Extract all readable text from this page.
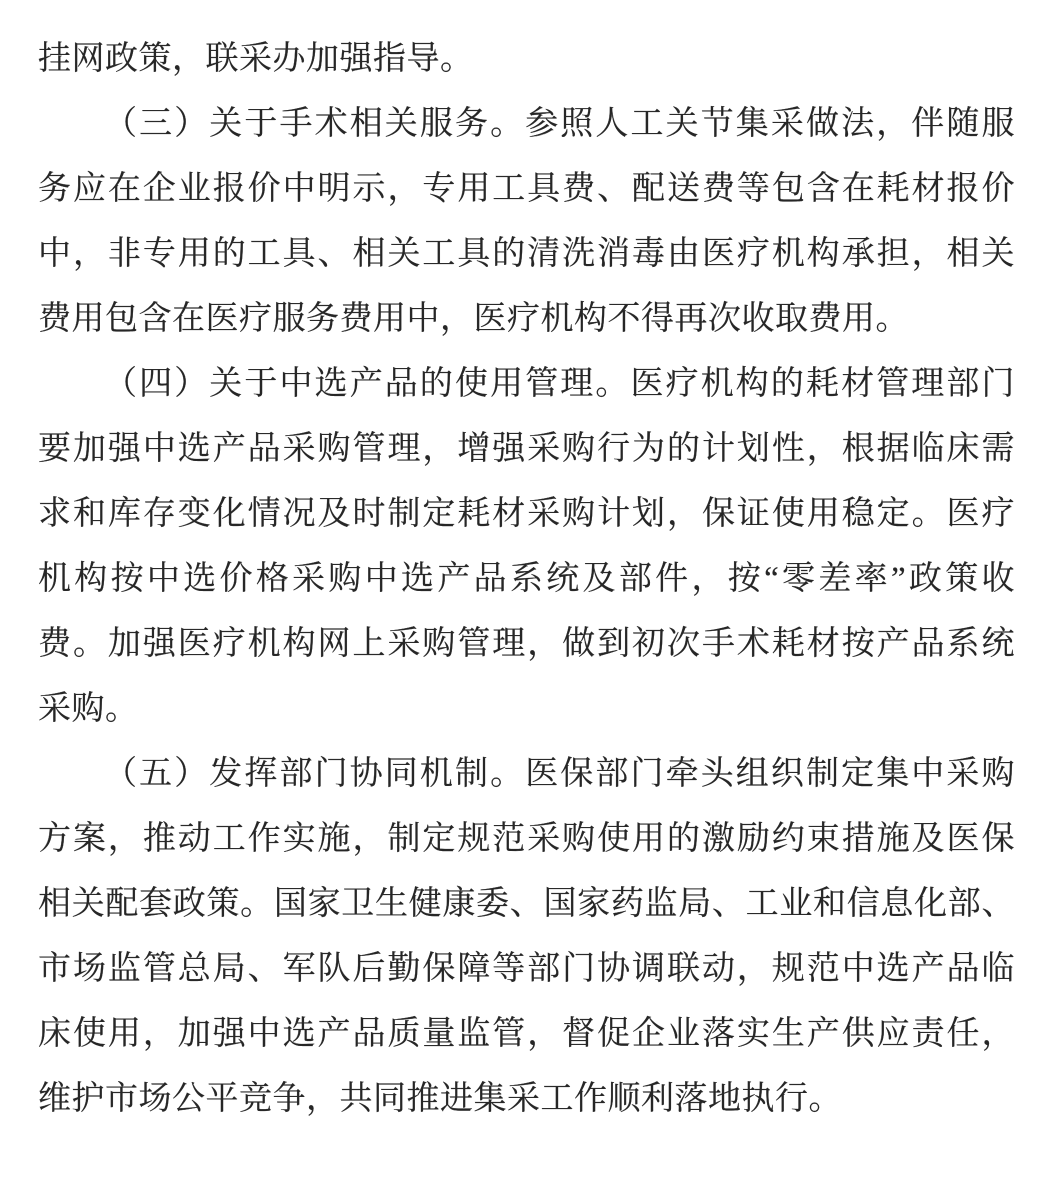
挂网政策，联采办加强指导。
（三）关于手术相关服务。参照人工关节集采做法，伴随服
务应在企业报价中明示，专用工具费、配送费等包含在耗材报价
中，非专用的工具、相关工具的清洗消毒由医疗机构承担，相关
费用包含在医疗服务费用中，医疗机构不得再次收取费用。
（四）关于中选产品的使用管理。医疗机构的耗材管理部门
要加强中选产品采购管理，增强采购行为的计划性，根据临床需
求和库存变化情况及时制定耗材采购计划，保证使用稳定。医疗
机构按中选价格采购中选产品系统及部件，按“零差率”政策收
费。加强医疗机构网上采购管理，做到初次手术耗材按产品系统
采购。
（五）发挥部门协同机制。医保部门牵头组织制定集中采购
方案，推动工作实施，制定规范采购使用的激励约束措施及医保
相关配套政策。国家卫生健康委、国家药监局、工业和信息化部、
市场监管总局、军队后勤保障等部门协调联动，规范中选产品临
床使用，加强中选产品质量监管，督促企业落实生产供应责任，
维护市场公平竞争，共同推进集采工作顺利落地执行。
